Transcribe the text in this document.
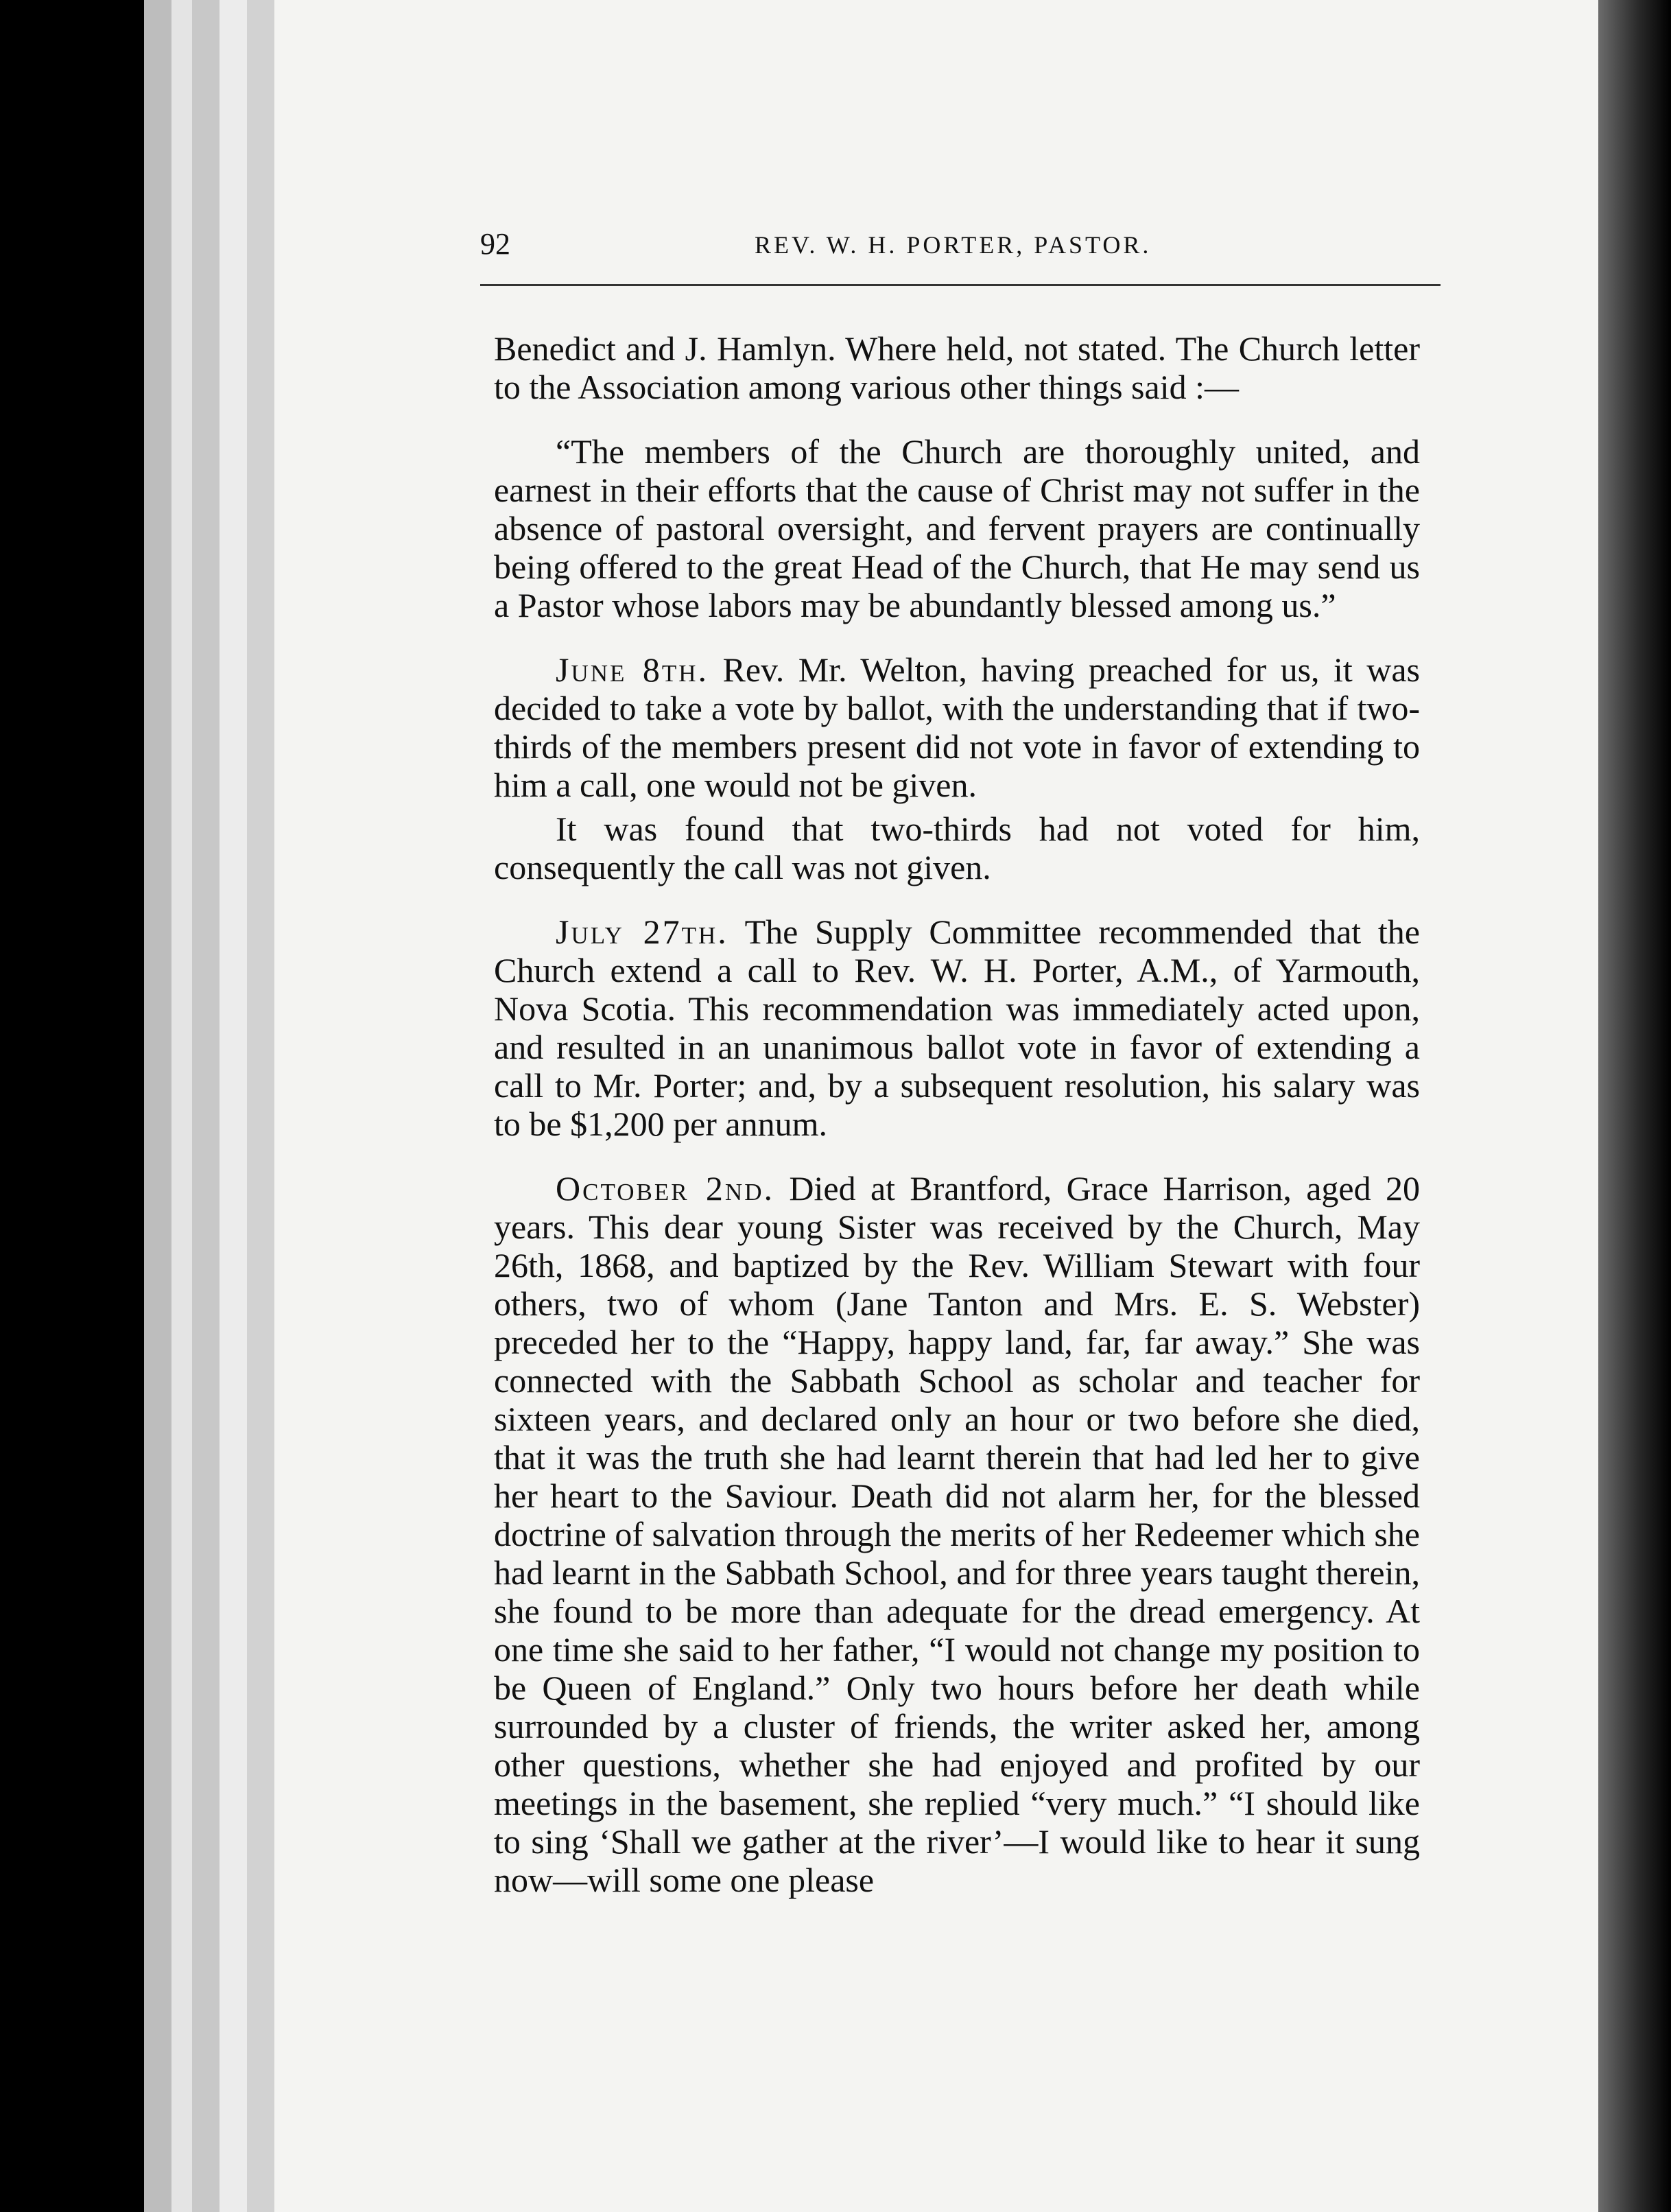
92	REV. W. H. PORTER, PASTOR.

Benedict and J. Hamlyn. Where held, not stated. The Church letter to the Association among various other things said :—

“The members of the Church are thoroughly united, and earnest in their efforts that the cause of Christ may not suffer in the absence of pastoral oversight, and fervent prayers are continually being offered to the great Head of the Church, that He may send us a Pastor whose labors may be abundantly blessed among us.”

June 8th. Rev. Mr. Welton, having preached for us, it was decided to take a vote by ballot, with the understanding that if two-thirds of the members present did not vote in favor of extending to him a call, one would not be given.

It was found that two-thirds had not voted for him, consequently the call was not given.

July 27th. The Supply Committee recommended that the Church extend a call to Rev. W. H. Porter, A.M., of Yarmouth, Nova Scotia. This recommendation was immediately acted upon, and resulted in an unanimous ballot vote in favor of extending a call to Mr. Porter; and, by a subsequent resolution, his salary was to be $1,200 per annum.

October 2nd. Died at Brantford, Grace Harrison, aged 20 years. This dear young Sister was received by the Church, May 26th, 1868, and baptized by the Rev. William Stewart with four others, two of whom (Jane Tanton and Mrs. E. S. Webster) preceded her to the “Happy, happy land, far, far away.” She was connected with the Sabbath School as scholar and teacher for sixteen years, and declared only an hour or two before she died, that it was the truth she had learnt therein that had led her to give her heart to the Saviour. Death did not alarm her, for the blessed doctrine of salvation through the merits of her Redeemer which she had learnt in the Sabbath School, and for three years taught therein, she found to be more than adequate for the dread emergency. At one time she said to her father, “I would not change my position to be Queen of England.” Only two hours before her death while surrounded by a cluster of friends, the writer asked her, among other questions, whether she had enjoyed and profited by our meetings in the basement, she replied “very much.” “I should like to sing ‘Shall we gather at the river’—I would like to hear it sung now—will some one please
